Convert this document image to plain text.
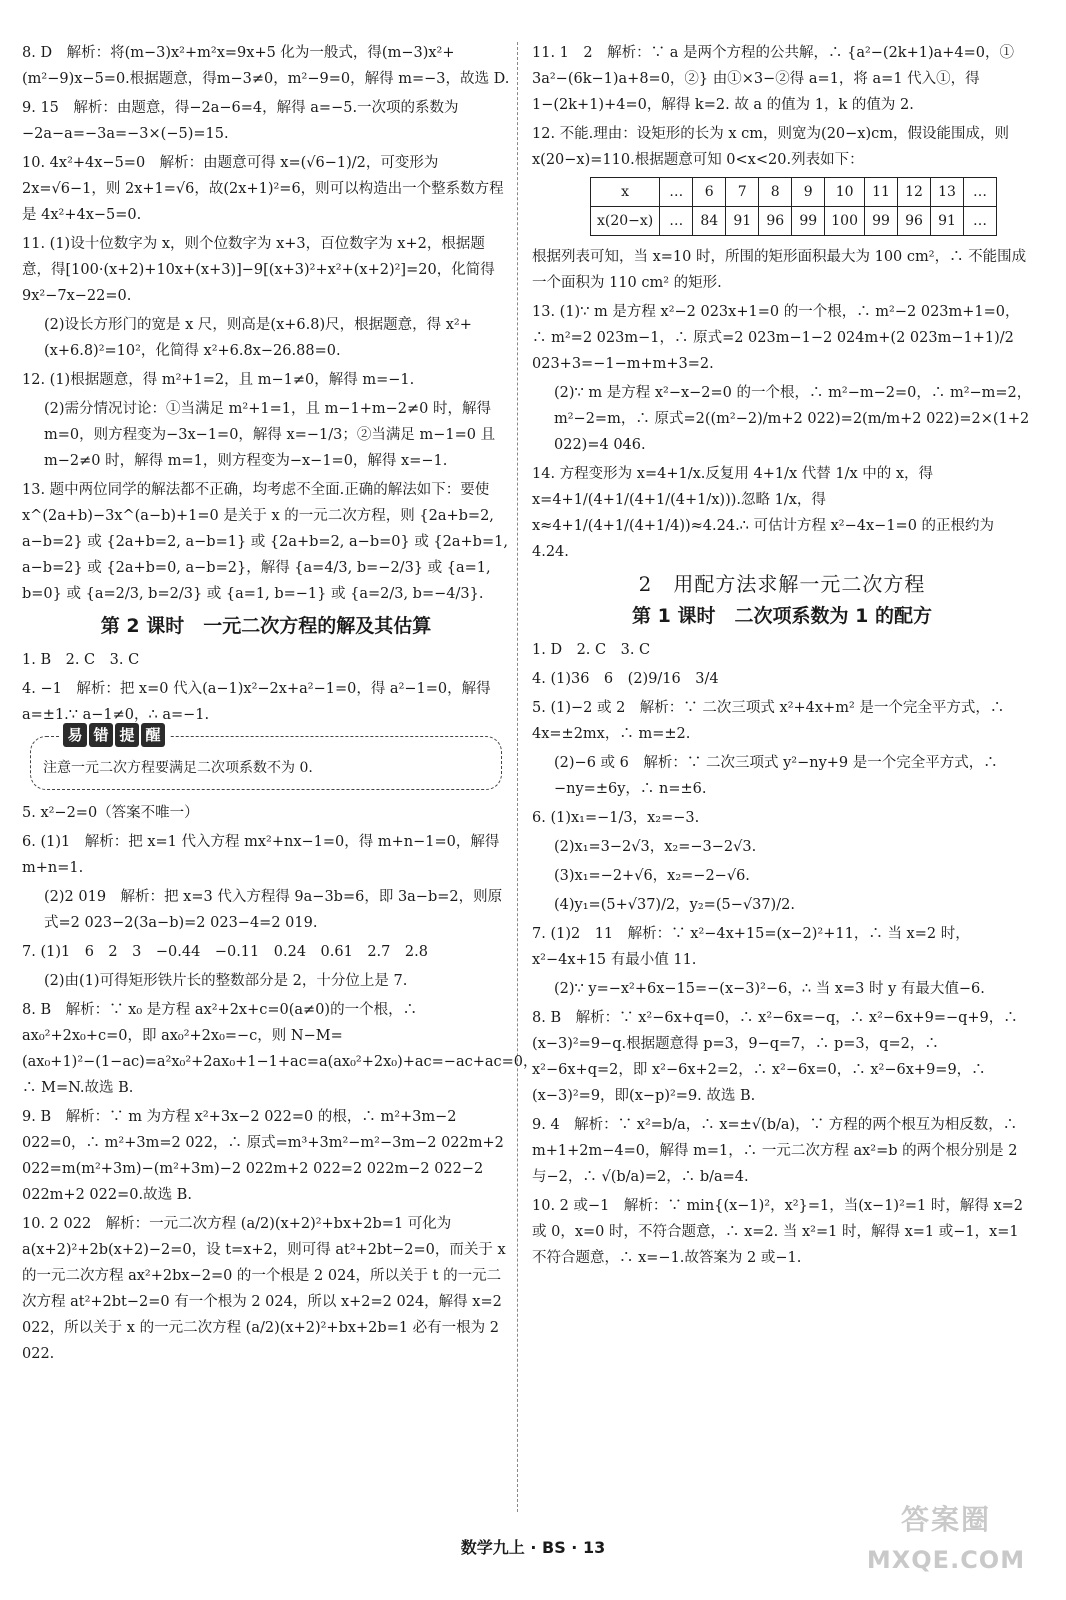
8. D　解析：将(m−3)x²+m²x=9x+5 化为一般式，得(m−3)x²+(m²−9)x−5=0.根据题意，得m−3≠0，m²−9=0，解得 m=−3，故选 D.

9. 15　解析：由题意，得−2a−6=4，解得 a=−5.一次项的系数为−2a−a=−3a=−3×(−5)=15.

10. 4x²+4x−5=0　解析：由题意可得 x=(√6−1)/2，可变形为 2x=√6−1，则 2x+1=√6，故(2x+1)²=6，则可以构造出一个整系数方程是 4x²+4x−5=0.

11. (1)设十位数字为 x，则个位数字为 x+3，百位数字为 x+2，根据题意，得[100·(x+2)+10x+(x+3)]−9[(x+3)²+x²+(x+2)²]=20，化简得 9x²−7x−22=0.

(2)设长方形门的宽是 x 尺，则高是(x+6.8)尺，根据题意，得 x²+(x+6.8)²=10²，化简得 x²+6.8x−26.88=0.

12. (1)根据题意，得 m²+1=2，且 m−1≠0，解得 m=−1.

(2)需分情况讨论：①当满足 m²+1=1，且 m−1+m−2≠0 时，解得 m=0，则方程变为−3x−1=0，解得 x=−1/3；②当满足 m−1=0 且 m−2≠0 时，解得 m=1，则方程变为−x−1=0，解得 x=−1.

13. 题中两位同学的解法都不正确，均考虑不全面.正确的解法如下：要使 x^(2a+b)−3x^(a−b)+1=0 是关于 x 的一元二次方程，则 {2a+b=2, a−b=2} 或 {2a+b=2, a−b=1} 或 {2a+b=2, a−b=0} 或 {2a+b=1, a−b=2} 或 {2a+b=0, a−b=2}，解得 {a=4/3, b=−2/3} 或 {a=1, b=0} 或 {a=2/3, b=2/3} 或 {a=1, b=−1} 或 {a=2/3, b=−4/3}.

第 2 课时　一元二次方程的解及其估算

1. B　2. C　3. C

4. −1　解析：把 x=0 代入(a−1)x²−2x+a²−1=0，得 a²−1=0，解得 a=±1.∵ a−1≠0，∴ a=−1.

易 错 提 醒
注意一元二次方程要满足二次项系数不为 0.

5. x²−2=0（答案不唯一）

6. (1)1　解析：把 x=1 代入方程 mx²+nx−1=0，得 m+n−1=0，解得 m+n=1.

(2)2 019　解析：把 x=3 代入方程得 9a−3b=6，即 3a−b=2，则原式=2 023−2(3a−b)=2 023−4=2 019.

7. (1)1　6　2　3　−0.44　−0.11　0.24　0.61　2.7　2.8

(2)由(1)可得矩形铁片长的整数部分是 2，十分位上是 7.

8. B　解析：∵ x₀ 是方程 ax²+2x+c=0(a≠0)的一个根，∴ ax₀²+2x₀+c=0，即 ax₀²+2x₀=−c，则 N−M=(ax₀+1)²−(1−ac)=a²x₀²+2ax₀+1−1+ac=a(ax₀²+2x₀)+ac=−ac+ac=0，∴ M=N.故选 B.

9. B　解析：∵ m 为方程 x²+3x−2 022=0 的根，∴ m²+3m−2 022=0，∴ m²+3m=2 022，∴ 原式=m³+3m²−m²−3m−2 022m+2 022=m(m²+3m)−(m²+3m)−2 022m+2 022=2 022m−2 022−2 022m+2 022=0.故选 B.

10. 2 022　解析：一元二次方程 (a/2)(x+2)²+bx+2b=1 可化为 a(x+2)²+2b(x+2)−2=0，设 t=x+2，则可得 at²+2bt−2=0，而关于 x 的一元二次方程 ax²+2bx−2=0 的一个根是 2 024，所以关于 t 的一元二次方程 at²+2bt−2=0 有一个根为 2 024，所以 x+2=2 024，解得 x=2 022，所以关于 x 的一元二次方程 (a/2)(x+2)²+bx+2b=1 必有一根为 2 022.

11. 1　2　解析：∵ a 是两个方程的公共解，∴ {a²−(2k+1)a+4=0，① 3a²−(6k−1)a+8=0，②} 由①×3−②得 a=1，将 a=1 代入①，得 1−(2k+1)+4=0，解得 k=2. 故 a 的值为 1，k 的值为 2.

12. 不能.理由：设矩形的长为 x cm，则宽为(20−x)cm，假设能围成，则 x(20−x)=110.根据题意可知 0<x<20.列表如下：

x	…	6	7	8	9	10	11	12	13	…
x(20−x)	…	84	91	96	99	100	99	96	91	…

根据列表可知，当 x=10 时，所围的矩形面积最大为 100 cm²，∴ 不能围成一个面积为 110 cm² 的矩形.

13. (1)∵ m 是方程 x²−2 023x+1=0 的一个根，∴ m²−2 023m+1=0，∴ m²=2 023m−1，∴ 原式=2 023m−1−2 024m+(2 023m−1+1)/2 023+3=−1−m+m+3=2.

(2)∵ m 是方程 x²−x−2=0 的一个根，∴ m²−m−2=0，∴ m²−m=2，m²−2=m，∴ 原式=2((m²−2)/m+2 022)=2(m/m+2 022)=2×(1+2 022)=4 046.

14. 方程变形为 x=4+1/x.反复用 4+1/x 代替 1/x 中的 x，得 x=4+1/(4+1/(4+1/(4+1/x))).忽略 1/x，得 x≈4+1/(4+1/(4+1/4))≈4.24.∴ 可估计方程 x²−4x−1=0 的正根约为 4.24.

2　用配方法求解一元二次方程
第 1 课时　二次项系数为 1 的配方

1. D　2. C　3. C

4. (1)36　6　(2)9/16　3/4

5. (1)−2 或 2　解析：∵ 二次三项式 x²+4x+m² 是一个完全平方式，∴ 4x=±2mx，∴ m=±2.

(2)−6 或 6　解析：∵ 二次三项式 y²−ny+9 是一个完全平方式，∴ −ny=±6y，∴ n=±6.

6. (1)x₁=−1/3，x₂=−3.

(2)x₁=3−2√3，x₂=−3−2√3.

(3)x₁=−2+√6，x₂=−2−√6.

(4)y₁=(5+√37)/2，y₂=(5−√37)/2.

7. (1)2　11　解析：∵ x²−4x+15=(x−2)²+11，∴ 当 x=2 时，x²−4x+15 有最小值 11.

(2)∵ y=−x²+6x−15=−(x−3)²−6，∴ 当 x=3 时 y 有最大值−6.

8. B　解析：∵ x²−6x+q=0，∴ x²−6x=−q，∴ x²−6x+9=−q+9，∴ (x−3)²=9−q.根据题意得 p=3，9−q=7，∴ p=3，q=2，∴ x²−6x+q=2，即 x²−6x+2=2，∴ x²−6x=0，∴ x²−6x+9=9，∴ (x−3)²=9，即(x−p)²=9. 故选 B.

9. 4　解析：∵ x²=b/a，∴ x=±√(b/a)，∵ 方程的两个根互为相反数，∴ m+1+2m−4=0，解得 m=1，∴ 一元二次方程 ax²=b 的两个根分别是 2 与−2，∴ √(b/a)=2，∴ b/a=4.

10. 2 或−1　解析：∵ min{(x−1)²，x²}=1，当(x−1)²=1 时，解得 x=2 或 0，x=0 时，不符合题意，∴ x=2. 当 x²=1 时，解得 x=1 或−1，x=1 不符合题意，∴ x=−1.故答案为 2 或−1.

数学九上 · BS · 13
答案圈
MXQE.COM
